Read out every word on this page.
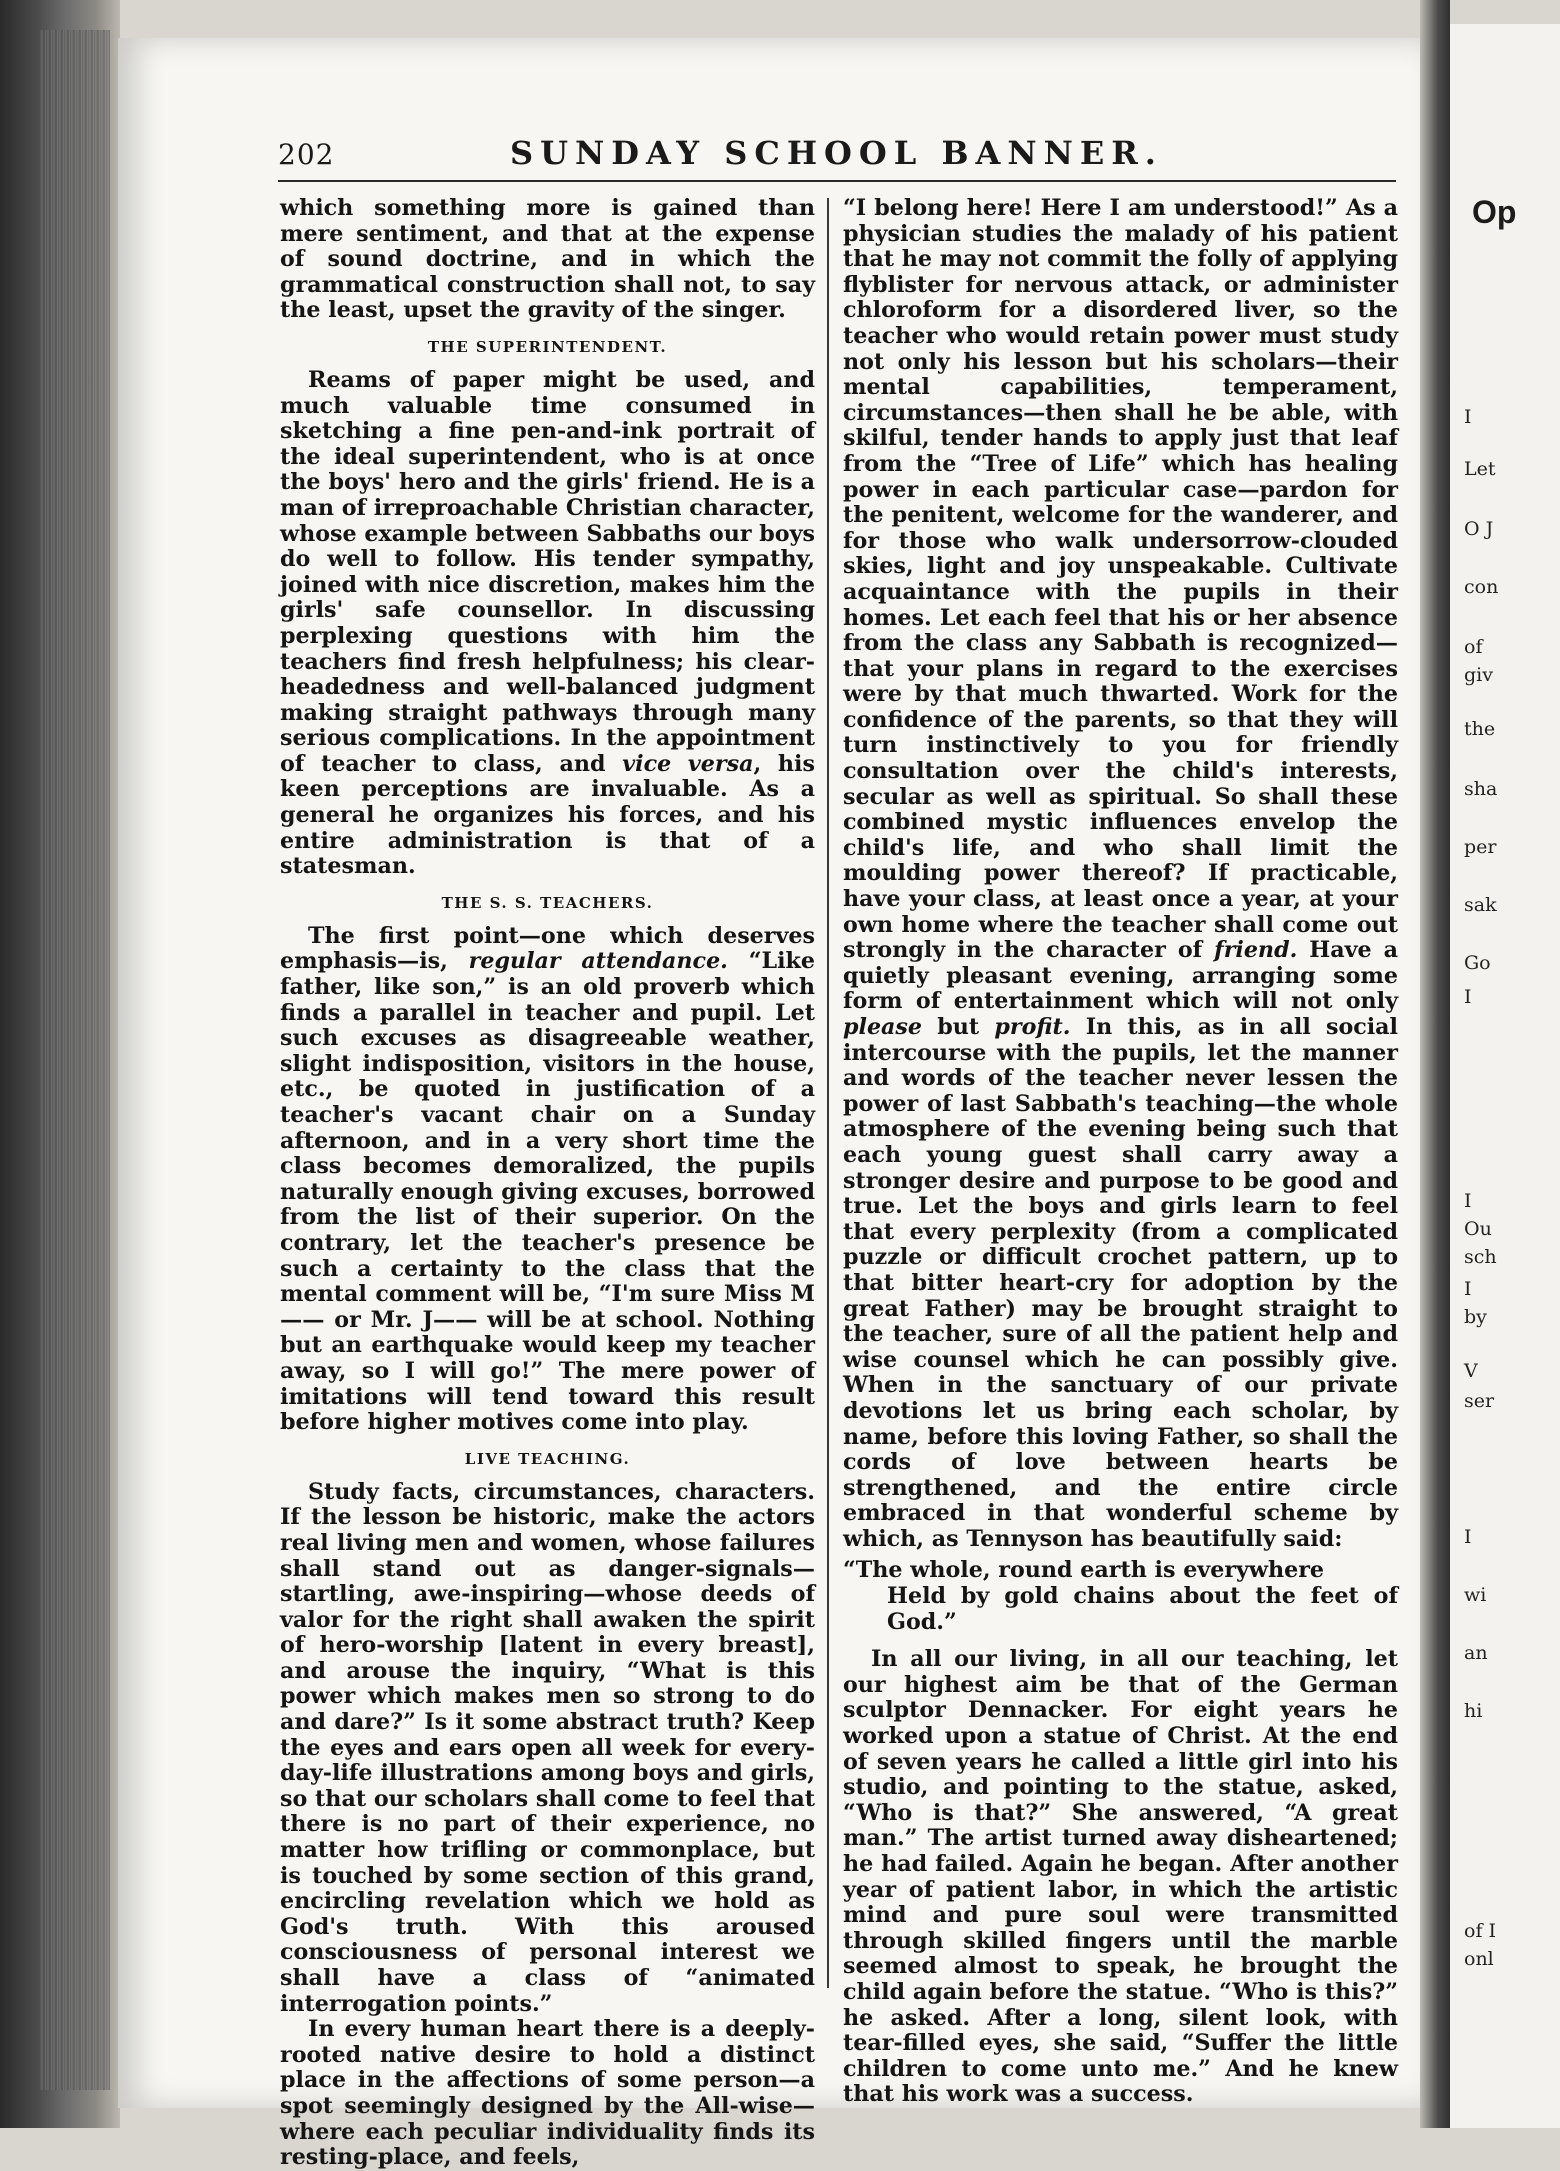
202	SUNDAY SCHOOL BANNER.

which something more is gained than mere sentiment, and that at the expense of sound doctrine, and in which the grammatical construction shall not, to say the least, upset the gravity of the singer.

THE SUPERINTENDENT.

Reams of paper might be used, and much valuable time consumed in sketching a fine pen-and-ink portrait of the ideal superintendent, who is at once the boys' hero and the girls' friend. He is a man of irreproachable Christian character, whose example between Sabbaths our boys do well to follow. His tender sympathy, joined with nice discretion, makes him the girls' safe counsellor. In discussing perplexing questions with him the teachers find fresh helpfulness; his clear-headedness and well-balanced judgment making straight pathways through many serious complications. In the appointment of teacher to class, and vice versa, his keen perceptions are invaluable. As a general he organizes his forces, and his entire administration is that of a statesman.

THE S. S. TEACHERS.

The first point—one which deserves emphasis—is, regular attendance. “Like father, like son,” is an old proverb which finds a parallel in teacher and pupil. Let such excuses as disagreeable weather, slight indisposition, visitors in the house, etc., be quoted in justification of a teacher's vacant chair on a Sunday afternoon, and in a very short time the class becomes demoralized, the pupils naturally enough giving excuses, borrowed from the list of their superior. On the contrary, let the teacher's presence be such a certainty to the class that the mental comment will be, “I'm sure Miss M—— or Mr. J—— will be at school. Nothing but an earthquake would keep my teacher away, so I will go!” The mere power of imitations will tend toward this result before higher motives come into play.

LIVE TEACHING.

Study facts, circumstances, characters. If the lesson be historic, make the actors real living men and women, whose failures shall stand out as danger-signals—startling, awe-inspiring—whose deeds of valor for the right shall awaken the spirit of hero-worship [latent in every breast], and arouse the inquiry, “What is this power which makes men so strong to do and dare?” Is it some abstract truth? Keep the eyes and ears open all week for every-day-life illustrations among boys and girls, so that our scholars shall come to feel that there is no part of their experience, no matter how trifling or commonplace, but is touched by some section of this grand, encircling revelation which we hold as God's truth. With this aroused consciousness of personal interest we shall have a class of “animated interrogation points.”

In every human heart there is a deeply-rooted native desire to hold a distinct place in the affections of some person—a spot seemingly designed by the All-wise—where each peculiar individuality finds its resting-place, and feels,

“I belong here! Here I am understood!” As a physician studies the malady of his patient that he may not commit the folly of applying flyblister for nervous attack, or administer chloroform for a disordered liver, so the teacher who would retain power must study not only his lesson but his scholars—their mental capabilities, temperament, circumstances—then shall he be able, with skilful, tender hands to apply just that leaf from the “Tree of Life” which has healing power in each particular case—pardon for the penitent, welcome for the wanderer, and for those who walk undersorrow-clouded skies, light and joy unspeakable. Cultivate acquaintance with the pupils in their homes. Let each feel that his or her absence from the class any Sabbath is recognized—that your plans in regard to the exercises were by that much thwarted. Work for the confidence of the parents, so that they will turn instinctively to you for friendly consultation over the child's interests, secular as well as spiritual. So shall these combined mystic influences envelop the child's life, and who shall limit the moulding power thereof? If practicable, have your class, at least once a year, at your own home where the teacher shall come out strongly in the character of friend. Have a quietly pleasant evening, arranging some form of entertainment which will not only please but profit. In this, as in all social intercourse with the pupils, let the manner and words of the teacher never lessen the power of last Sabbath's teaching—the whole atmosphere of the evening being such that each young guest shall carry away a stronger desire and purpose to be good and true. Let the boys and girls learn to feel that every perplexity (from a complicated puzzle or difficult crochet pattern, up to that bitter heart-cry for adoption by the great Father) may be brought straight to the teacher, sure of all the patient help and wise counsel which he can possibly give. When in the sanctuary of our private devotions let us bring each scholar, by name, before this loving Father, so shall the cords of love between hearts be strengthened, and the entire circle embraced in that wonderful scheme by which, as Tennyson has beautifully said:

“The whole, round earth is everywhere
Held by gold chains about the feet of God.”

In all our living, in all our teaching, let our highest aim be that of the German sculptor Dennacker. For eight years he worked upon a statue of Christ. At the end of seven years he called a little girl into his studio, and pointing to the statue, asked, “Who is that?” She answered, “A great man.” The artist turned away disheartened; he had failed. Again he began. After another year of patient labor, in which the artistic mind and pure soul were transmitted through skilled fingers until the marble seemed almost to speak, he brought the child again before the statue. “Who is this?” he asked. After a long, silent look, with tear-filled eyes, she said, “Suffer the little children to come unto me.” And he knew that his work was a success.

Op
I
Let
O J
con
of
giv
the
sha
per
sak
Go
I
I
Ou
sch
I
by
V
ser
I
wi
an
hi
of I
onl
